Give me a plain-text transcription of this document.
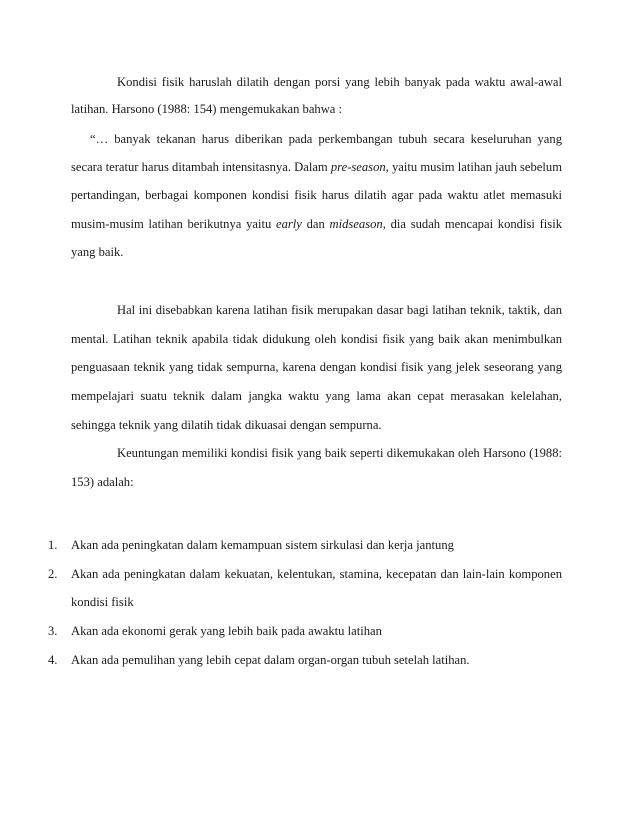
Kondisi fisik haruslah dilatih dengan porsi yang lebih banyak pada waktu awal-awal
latihan. Harsono (1988: 154) mengemukakan bahwa :
“… banyak tekanan harus diberikan pada perkembangan tubuh secara keseluruhan yang
secara teratur harus ditambah intensitasnya. Dalam pre-season, yaitu musim latihan jauh sebelum
pertandingan, berbagai komponen kondisi fisik harus dilatih agar pada waktu atlet memasuki
musim-musim latihan berikutnya yaitu early dan midseason, dia sudah mencapai kondisi fisik
yang baik.
Hal ini disebabkan karena latihan fisik merupakan dasar bagi latihan teknik, taktik, dan
mental. Latihan teknik apabila tidak didukung oleh kondisi fisik yang baik akan menimbulkan
penguasaan teknik yang tidak sempurna, karena dengan kondisi fisik yang jelek seseorang yang
mempelajari suatu teknik dalam jangka waktu yang lama akan cepat merasakan kelelahan,
sehingga teknik yang dilatih tidak dikuasai dengan sempurna.
Keuntungan memiliki kondisi fisik yang baik seperti dikemukakan oleh Harsono (1988:
153) adalah:
1. Akan ada peningkatan dalam kemampuan sistem sirkulasi dan kerja jantung
2. Akan ada peningkatan dalam kekuatan, kelentukan, stamina, kecepatan dan lain-lain komponen
kondisi fisik
3. Akan ada ekonomi gerak yang lebih baik pada awaktu latihan
4. Akan ada pemulihan yang lebih cepat dalam organ-organ tubuh setelah latihan.
